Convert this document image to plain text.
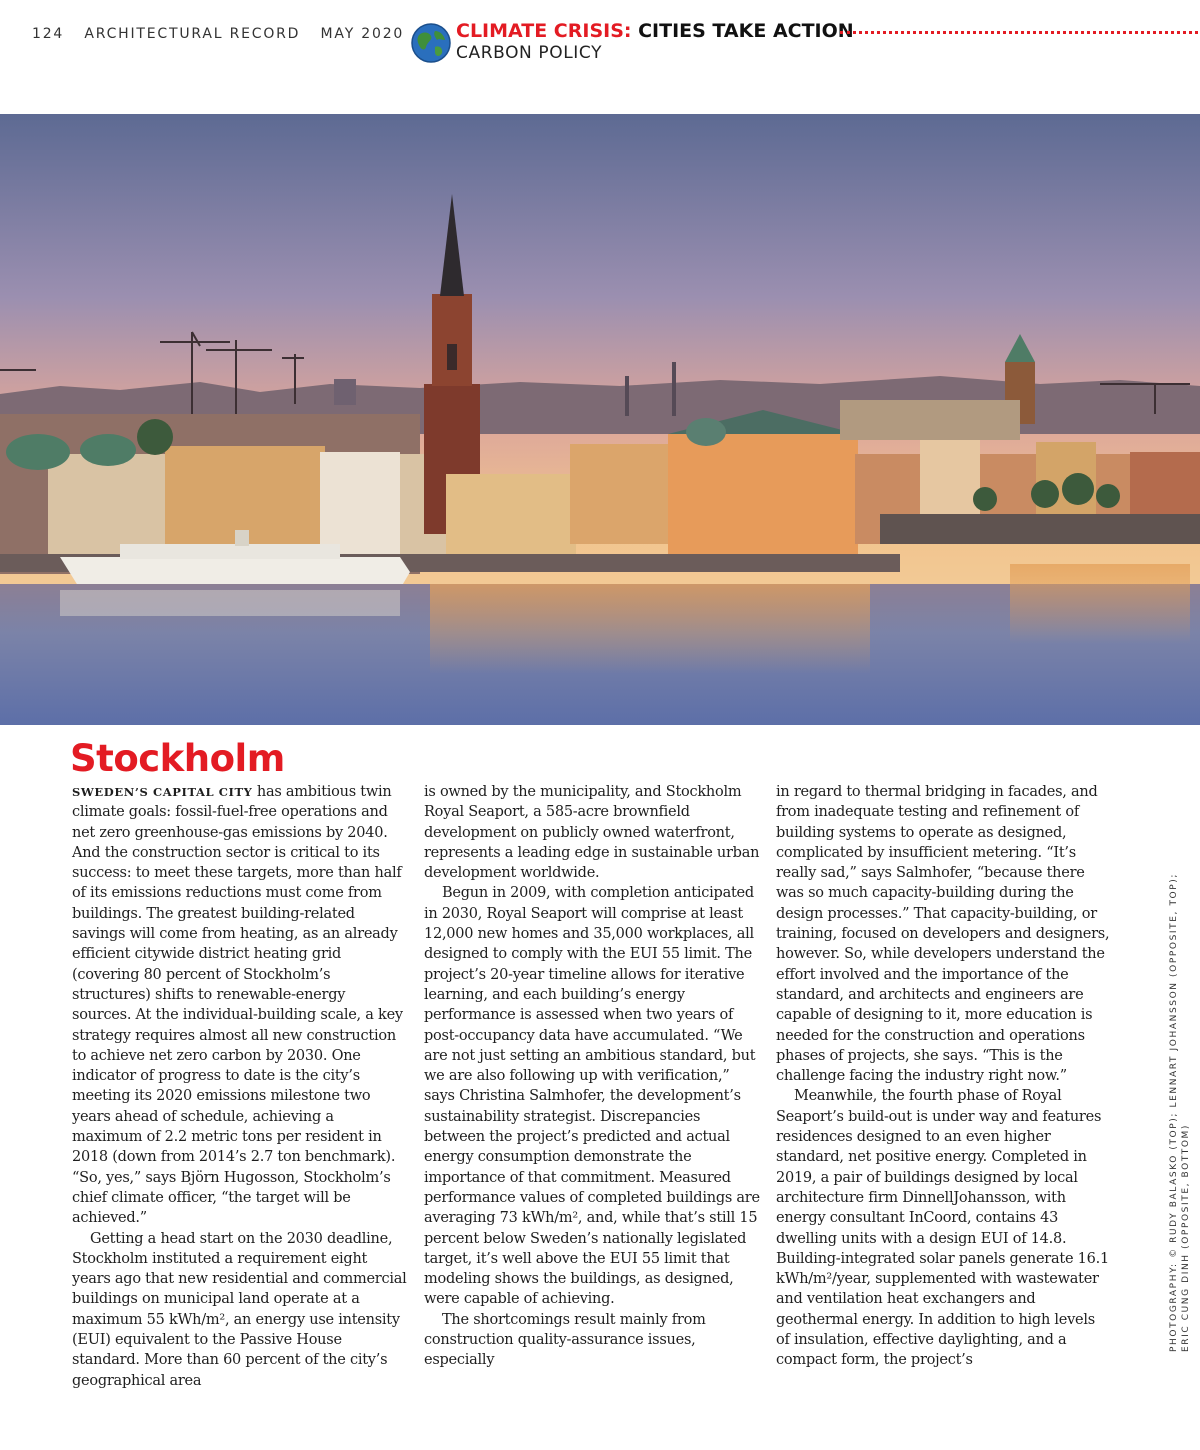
124 ARCHITECTURAL RECORD MAY 2020	CLIMATE CRISIS: CITIES TAKE ACTION
CARBON POLICY
Stockholm

SWEDEN’S CAPITAL CITY has ambitious twin climate goals: fossil-fuel-free operations and net zero greenhouse-gas emissions by 2040. And the construction sector is critical to its success: to meet these targets, more than half of its emissions reductions must come from buildings. The greatest building-related savings will come from heating, as an already efficient citywide district heating grid (covering 80 percent of Stockholm’s structures) shifts to renewable-energy sources. At the individual-building scale, a key strategy requires almost all new construction to achieve net zero carbon by 2030. One indicator of progress to date is the city’s meeting its 2020 emissions milestone two years ahead of schedule, achieving a maximum of 2.2 metric tons per resident in 2018 (down from 2014’s 2.7 ton benchmark). “So, yes,” says Björn Hugosson, Stockholm’s chief climate officer, “the target will be achieved.”

Getting a head start on the 2030 deadline, Stockholm instituted a requirement eight years ago that new residential and commercial buildings on municipal land operate at a maximum 55 kWh/m², an energy use intensity (EUI) equivalent to the Passive House standard. More than 60 percent of the city’s geographical area

is owned by the municipality, and Stockholm Royal Seaport, a 585-acre brownfield development on publicly owned waterfront, represents a leading edge in sustainable urban development worldwide.

Begun in 2009, with completion anticipated in 2030, Royal Seaport will comprise at least 12,000 new homes and 35,000 workplaces, all designed to comply with the EUI 55 limit. The project’s 20-year timeline allows for iterative learning, and each building’s energy performance is assessed when two years of post-occupancy data have accumulated. “We are not just setting an ambitious standard, but we are also following up with verification,” says Christina Salmhofer, the development’s sustainability strategist. Discrepancies between the project’s predicted and actual energy consumption demonstrate the importance of that commitment. Measured performance values of completed buildings are averaging 73 kWh/m², and, while that’s still 15 percent below Sweden’s nationally legislated target, it’s well above the EUI 55 limit that modeling shows the buildings, as designed, were capable of achieving.

The shortcomings result mainly from construction quality-assurance issues, especially

in regard to thermal bridging in facades, and from inadequate testing and refinement of building systems to operate as designed, complicated by insufficient metering. “It’s really sad,” says Salmhofer, “because there was so much capacity-building during the design processes.” That capacity-building, or training, focused on developers and designers, however. So, while developers understand the effort involved and the importance of the standard, and architects and engineers are capable of designing to it, more education is needed for the construction and operations phases of projects, she says. “This is the challenge facing the industry right now.”

Meanwhile, the fourth phase of Royal Seaport’s build-out is under way and features residences designed to an even higher standard, net positive energy. Completed in 2019, a pair of buildings designed by local architecture firm DinnellJohansson, with energy consultant InCoord, contains 43 dwelling units with a design EUI of 14.8. Building-integrated solar panels generate 16.1 kWh/m²/year, supplemented with wastewater and ventilation heat exchangers and geothermal energy. In addition to high levels of insulation, effective daylighting, and a compact form, the project’s

PHOTOGRAPHY: © RUDY BALASKO (TOP); LENNART JOHANSSON (OPPOSITE, TOP); ERIC CUNG DINH (OPPOSITE, BOTTOM)
